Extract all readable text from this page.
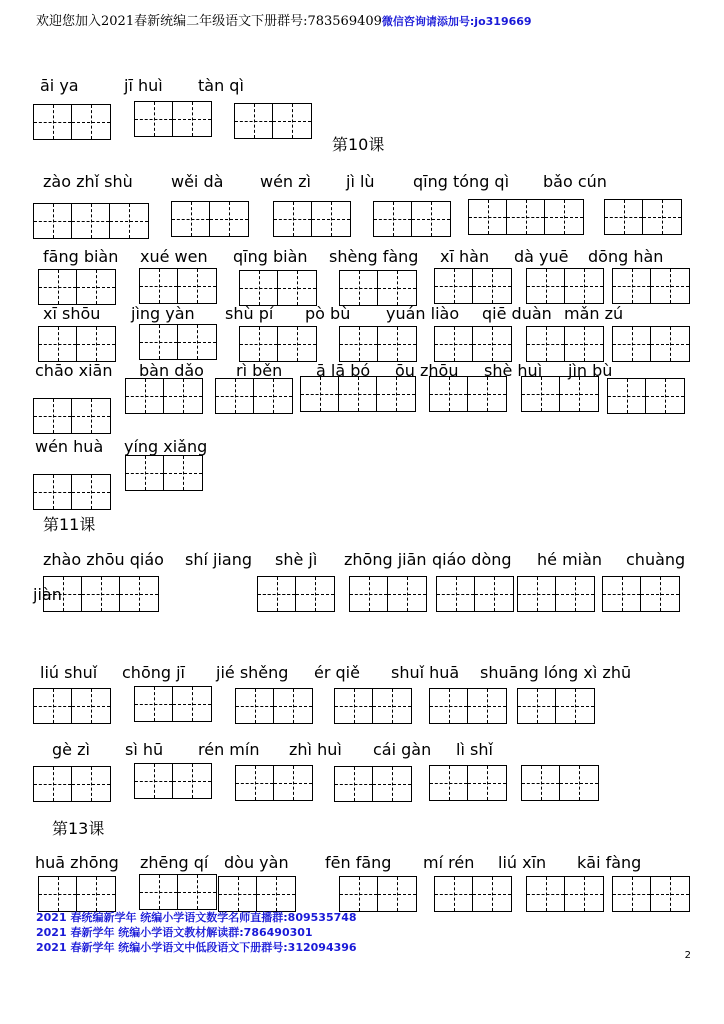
欢迎您加入2021春新统编二年级语文下册群号:783569409微信咨询请添加号:jo319669
āi ya	jī huì tàn qì
zào zhǐ shù wěi dà wén zì jì lù qīng tóng qì bǎo cún
fāng biàn xué wen qīng biàn shèng fàng xī hàn dà yuē dōng hàn
xī shōu jìng yàn shù pí pò bù yuán liào qiē duàn mǎn zú
chāo xiān bàn dǎo rì běn ā lā bó ōu zhōu shè huì jìn bù
wén huà yíng xiǎng
zhào zhōu qiáo shí jiang shè jì zhōng jiān qiáo dòng hé miàn chuàng
jiàn
liú shuǐ chōng jī jié shěng ér qiě shuǐ huā shuāng lóng xì zhū
gè zì sì hū rén mín zhì huì cái gàn lì shǐ
huā zhōng zhēng qí dòu yàn fēn fāng mí rén liú xīn kāi fàng
第10课
第11课
第13课
2021 春统编新学年 统编小学语文数学名师直播群:809535748
2021 春新学年 统编小学语文教材解读群:786490301
2021 春新学年 统编小学语文中低段语文下册群号:312094396
2
